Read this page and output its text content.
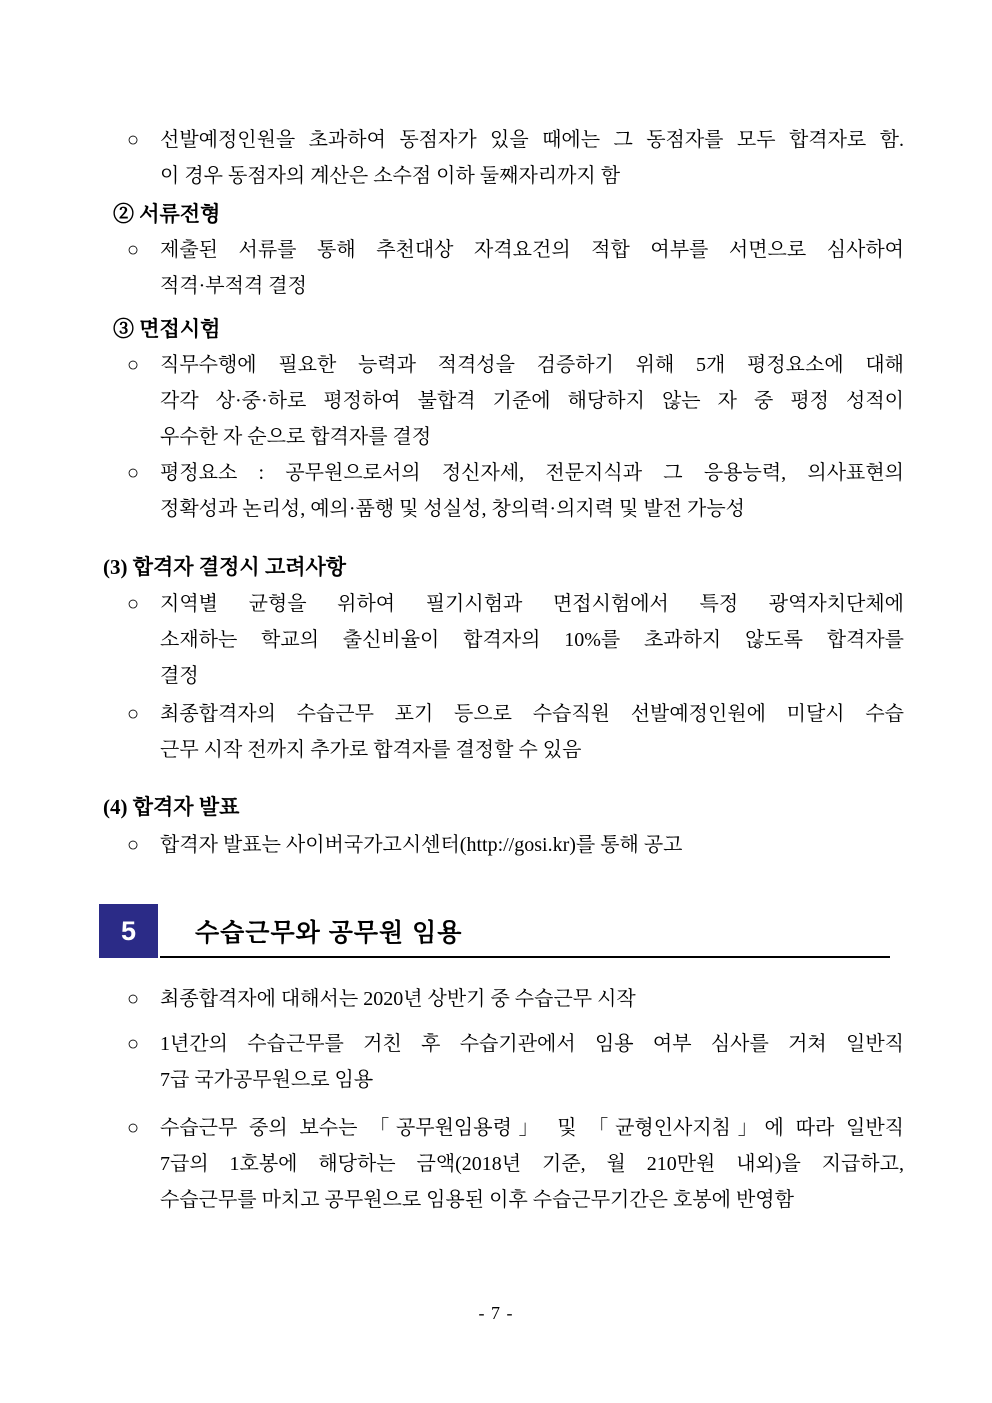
○	선발예정인원을 초과하여 동점자가 있을 때에는 그 동점자를 모두 합격자로 함.
이 경우 동점자의 계산은 소수점 이하 둘째자리까지 함
② 서류전형
○	제출된 서류를 통해 추천대상 자격요건의 적합 여부를 서면으로 심사하여
적격·부적격 결정
③ 면접시험
○	직무수행에 필요한 능력과 적격성을 검증하기 위해 5개 평정요소에 대해
각각 상·중·하로 평정하여 불합격 기준에 해당하지 않는 자 중 평정 성적이
우수한 자 순으로 합격자를 결정
○	평정요소 : 공무원으로서의 정신자세, 전문지식과 그 응용능력, 의사표현의
정확성과 논리성, 예의·품행 및 성실성, 창의력·의지력 및 발전 가능성
(3) 합격자 결정시 고려사항
○	지역별 균형을 위하여 필기시험과 면접시험에서 특정 광역자치단체에
소재하는 학교의 출신비율이 합격자의 10%를 초과하지 않도록 합격자를
결정
○	최종합격자의 수습근무 포기 등으로 수습직원 선발예정인원에 미달시 수습
근무 시작 전까지 추가로 합격자를 결정할 수 있음
(4) 합격자 발표
○	합격자 발표는 사이버국가고시센터(http://gosi.kr)를 통해 공고
5	수습근무와 공무원 임용
○	최종합격자에 대해서는 2020년 상반기 중 수습근무 시작
○	1년간의 수습근무를 거친 후 수습기관에서 임용 여부 심사를 거쳐 일반직
7급 국가공무원으로 임용
○	수습근무 중의 보수는 「공무원임용령」 및 「균형인사지침」에 따라 일반직
7급의 1호봉에 해당하는 금액(2018년 기준, 월 210만원 내외)을 지급하고,
수습근무를 마치고 공무원으로 임용된 이후 수습근무기간은 호봉에 반영함
- 7 -
